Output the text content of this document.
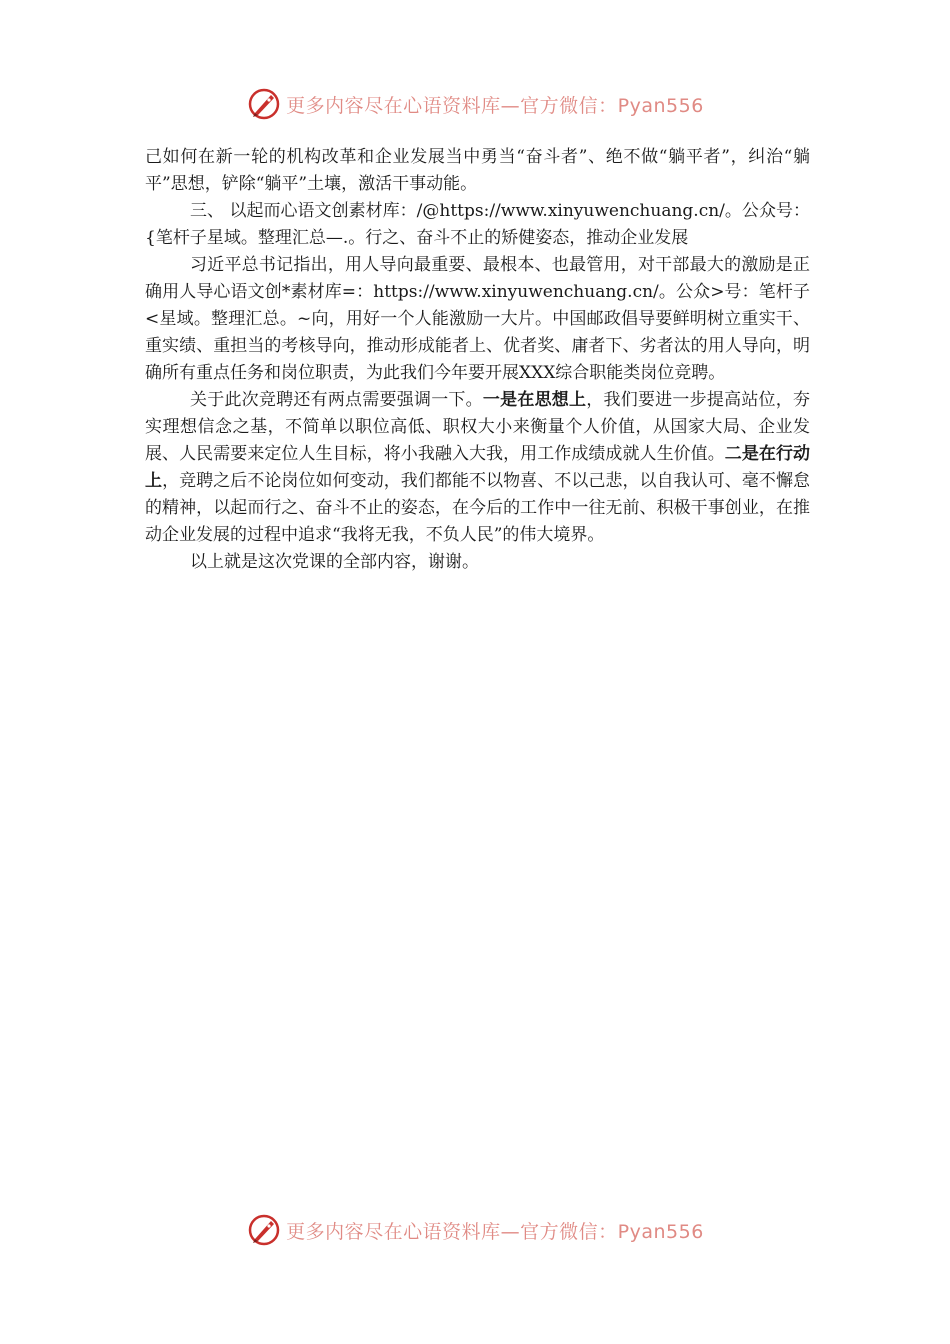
更多内容尽在心语资料库—官方微信：Pyan556

己如何在新一轮的机构改革和企业发展当中勇当“奋斗者”、绝不做“躺平者”，纠治“躺平”思想，铲除“躺平”土壤，激活干事动能。

三、 以起而心语文创素材库：/@https://www.xinyuwenchuang.cn/。公众号：{笔杆子星域。整理汇总—.。行之、奋斗不止的矫健姿态，推动企业发展

习近平总书记指出，用人导向最重要、最根本、也最管用，对干部最大的激励是正确用人导心语文创*素材库=：https://www.xinyuwenchuang.cn/。公众>号：笔杆子<星域。整理汇总。~向，用好一个人能激励一大片。中国邮政倡导要鲜明树立重实干、重实绩、重担当的考核导向，推动形成能者上、优者奖、庸者下、劣者汰的用人导向，明确所有重点任务和岗位职责，为此我们今年要开展XXX综合职能类岗位竞聘。

关于此次竞聘还有两点需要强调一下。一是在思想上，我们要进一步提高站位，夯实理想信念之基，不简单以职位高低、职权大小来衡量个人价值，从国家大局、企业发展、人民需要来定位人生目标，将小我融入大我，用工作成绩成就人生价值。二是在行动上，竞聘之后不论岗位如何变动，我们都能不以物喜、不以己悲，以自我认可、毫不懈怠的精神，以起而行之、奋斗不止的姿态，在今后的工作中一往无前、积极干事创业，在推动企业发展的过程中追求“我将无我，不负人民”的伟大境界。

以上就是这次党课的全部内容，谢谢。

更多内容尽在心语资料库—官方微信：Pyan556
